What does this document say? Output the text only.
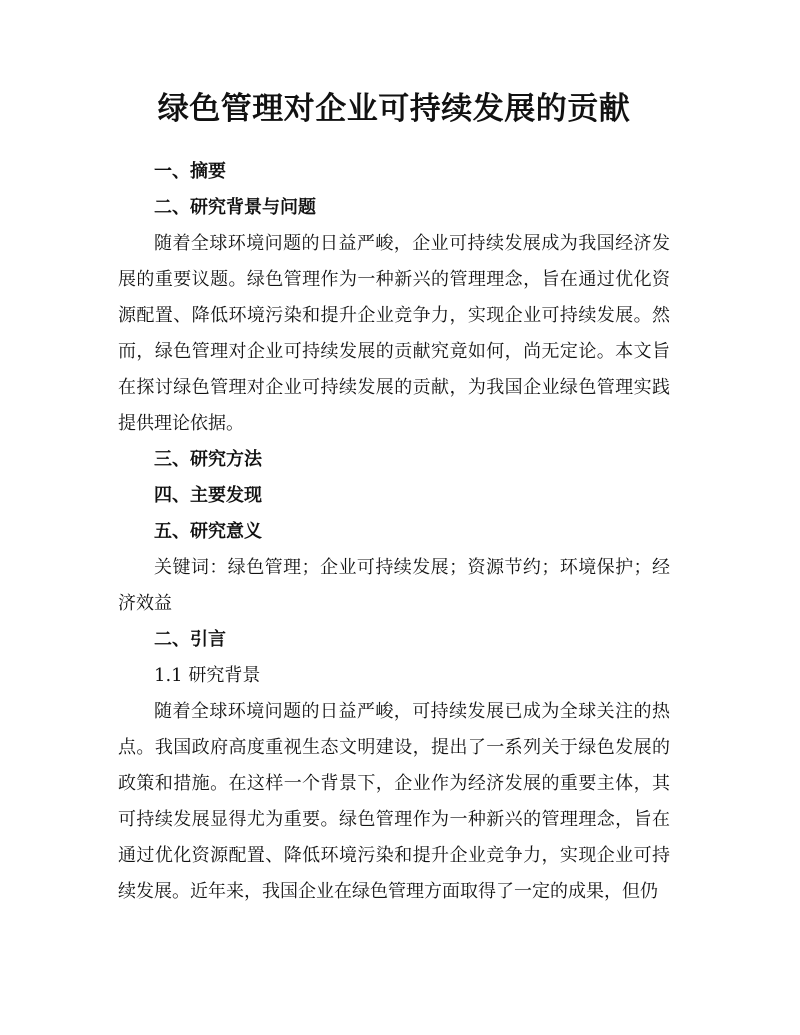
绿色管理对企业可持续发展的贡献

一、摘要

二、研究背景与问题

随着全球环境问题的日益严峻，企业可持续发展成为我国经济发展的重要议题。绿色管理作为一种新兴的管理理念，旨在通过优化资源配置、降低环境污染和提升企业竞争力，实现企业可持续发展。然而，绿色管理对企业可持续发展的贡献究竟如何，尚无定论。本文旨在探讨绿色管理对企业可持续发展的贡献，为我国企业绿色管理实践提供理论依据。

三、研究方法

四、主要发现

五、研究意义

关键词：绿色管理；企业可持续发展；资源节约；环境保护；经济效益

二、引言

1.1 研究背景

随着全球环境问题的日益严峻，可持续发展已成为全球关注的热点。我国政府高度重视生态文明建设，提出了一系列关于绿色发展的政策和措施。在这样一个背景下，企业作为经济发展的重要主体，其可持续发展显得尤为重要。绿色管理作为一种新兴的管理理念，旨在通过优化资源配置、降低环境污染和提升企业竞争力，实现企业可持续发展。近年来，我国企业在绿色管理方面取得了一定的成果，但仍
